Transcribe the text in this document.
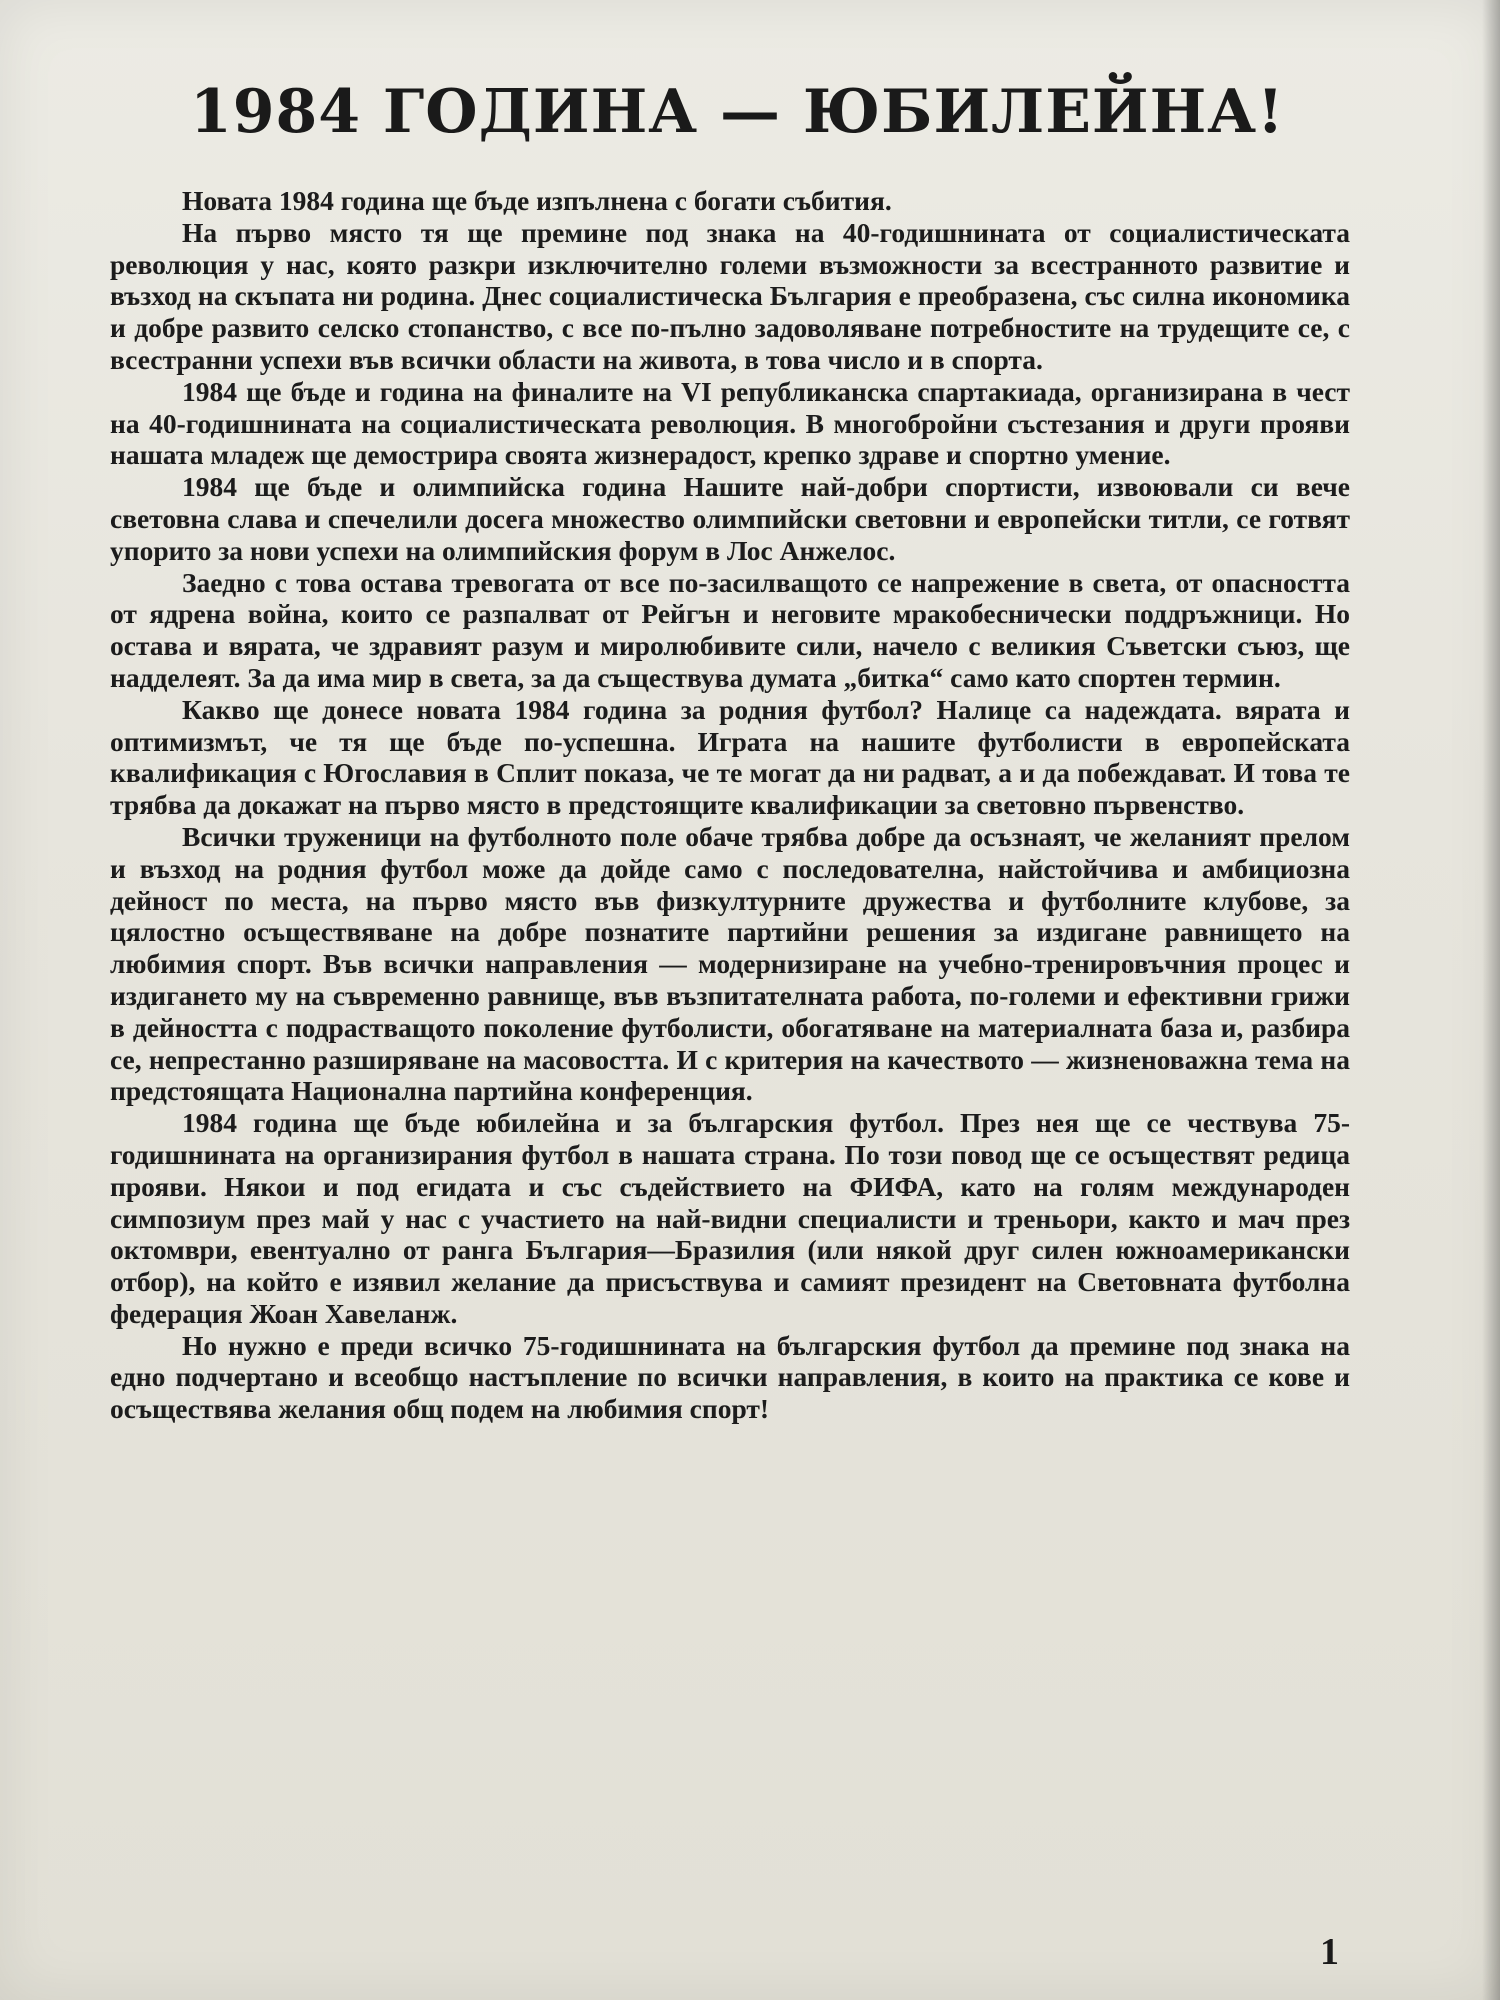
1984 ГОДИНА — ЮБИЛЕЙНА!

Новата 1984 година ще бъде изпълнена с богати събития.

На първо място тя ще премине под знака на 40-годишнината от социалистическата революция у нас, която разкри изключително големи възможности за всестранното развитие и възход на скъпата ни родина. Днес социалистическа България е преобразена, със силна икономика и добре развито селско стопанство, с все по-пълно задоволяване потребностите на трудещите се, с всестранни успехи във всички области на живота, в това число и в спорта.

1984 ще бъде и година на финалите на VI републиканска спартакиада, организирана в чест на 40-годишнината на социалистическата революция. В многобройни състезания и други прояви нашата младеж ще демострира своята жизнерадост, крепко здраве и спортно умение.

1984 ще бъде и олимпийска година Нашите най-добри спортисти, извоювали си вече световна слава и спечелили досега множество олимпийски световни и европейски титли, се готвят упорито за нови успехи на олимпийския форум в Лос Анжелос.

Заедно с това остава тревогата от все по-засилващото се напрежение в света, от опасността от ядрена война, които се разпалват от Рейгън и неговите мракобеснически поддръжници. Но остава и вярата, че здравият разум и миролюбивите сили, начело с великия Съветски съюз, ще надделеят. За да има мир в света, за да съществува думата „битка“ само като спортен термин.

Какво ще донесе новата 1984 година за родния футбол? Налице са надеждата. вярата и оптимизмът, че тя ще бъде по-успешна. Играта на нашите футболисти в европейската квалификация с Югославия в Сплит показа, че те могат да ни радват, а и да побеждават. И това те трябва да докажат на първо място в предстоящите квалификации за световно първенство.

Всички труженици на футболното поле обаче трябва добре да осъзнаят, че желаният прелом и възход на родния футбол може да дойде само с последователна, найстойчива и амбициозна дейност по места, на първо място във физкултурните дружества и футболните клубове, за цялостно осъществяване на добре познатите партийни решения за издигане равнището на любимия спорт. Във всички направления — модернизиране на учебно-тренировъчния процес и издигането му на съвременно равнище, във възпитателната работа, по-големи и ефективни грижи в дейността с подрастващото поколение футболисти, обогатяване на материалната база и, разбира се, непрестанно разширяване на масовостта. И с критерия на качеството — жизненоважна тема на предстоящата Национална партийна конференция.

1984 година ще бъде юбилейна и за българския футбол. През нея ще се чествува 75-годишнината на организирания футбол в нашата страна. По този повод ще се осъществят редица прояви. Някои и под егидата и със съдействието на ФИФА, като на голям международен симпозиум през май у нас с участието на най-видни специалисти и треньори, както и мач през октомври, евентуално от ранга България—Бразилия (или някой друг силен южноамерикански отбор), на който е изявил желание да присъствува и самият президент на Световната футболна федерация Жоан Хавеланж.

Но нужно е преди всичко 75-годишнината на българския футбол да премине под знака на едно подчертано и всеобщо настъпление по всички направления, в които на практика се кове и осъществява желания общ подем на любимия спорт!

1
